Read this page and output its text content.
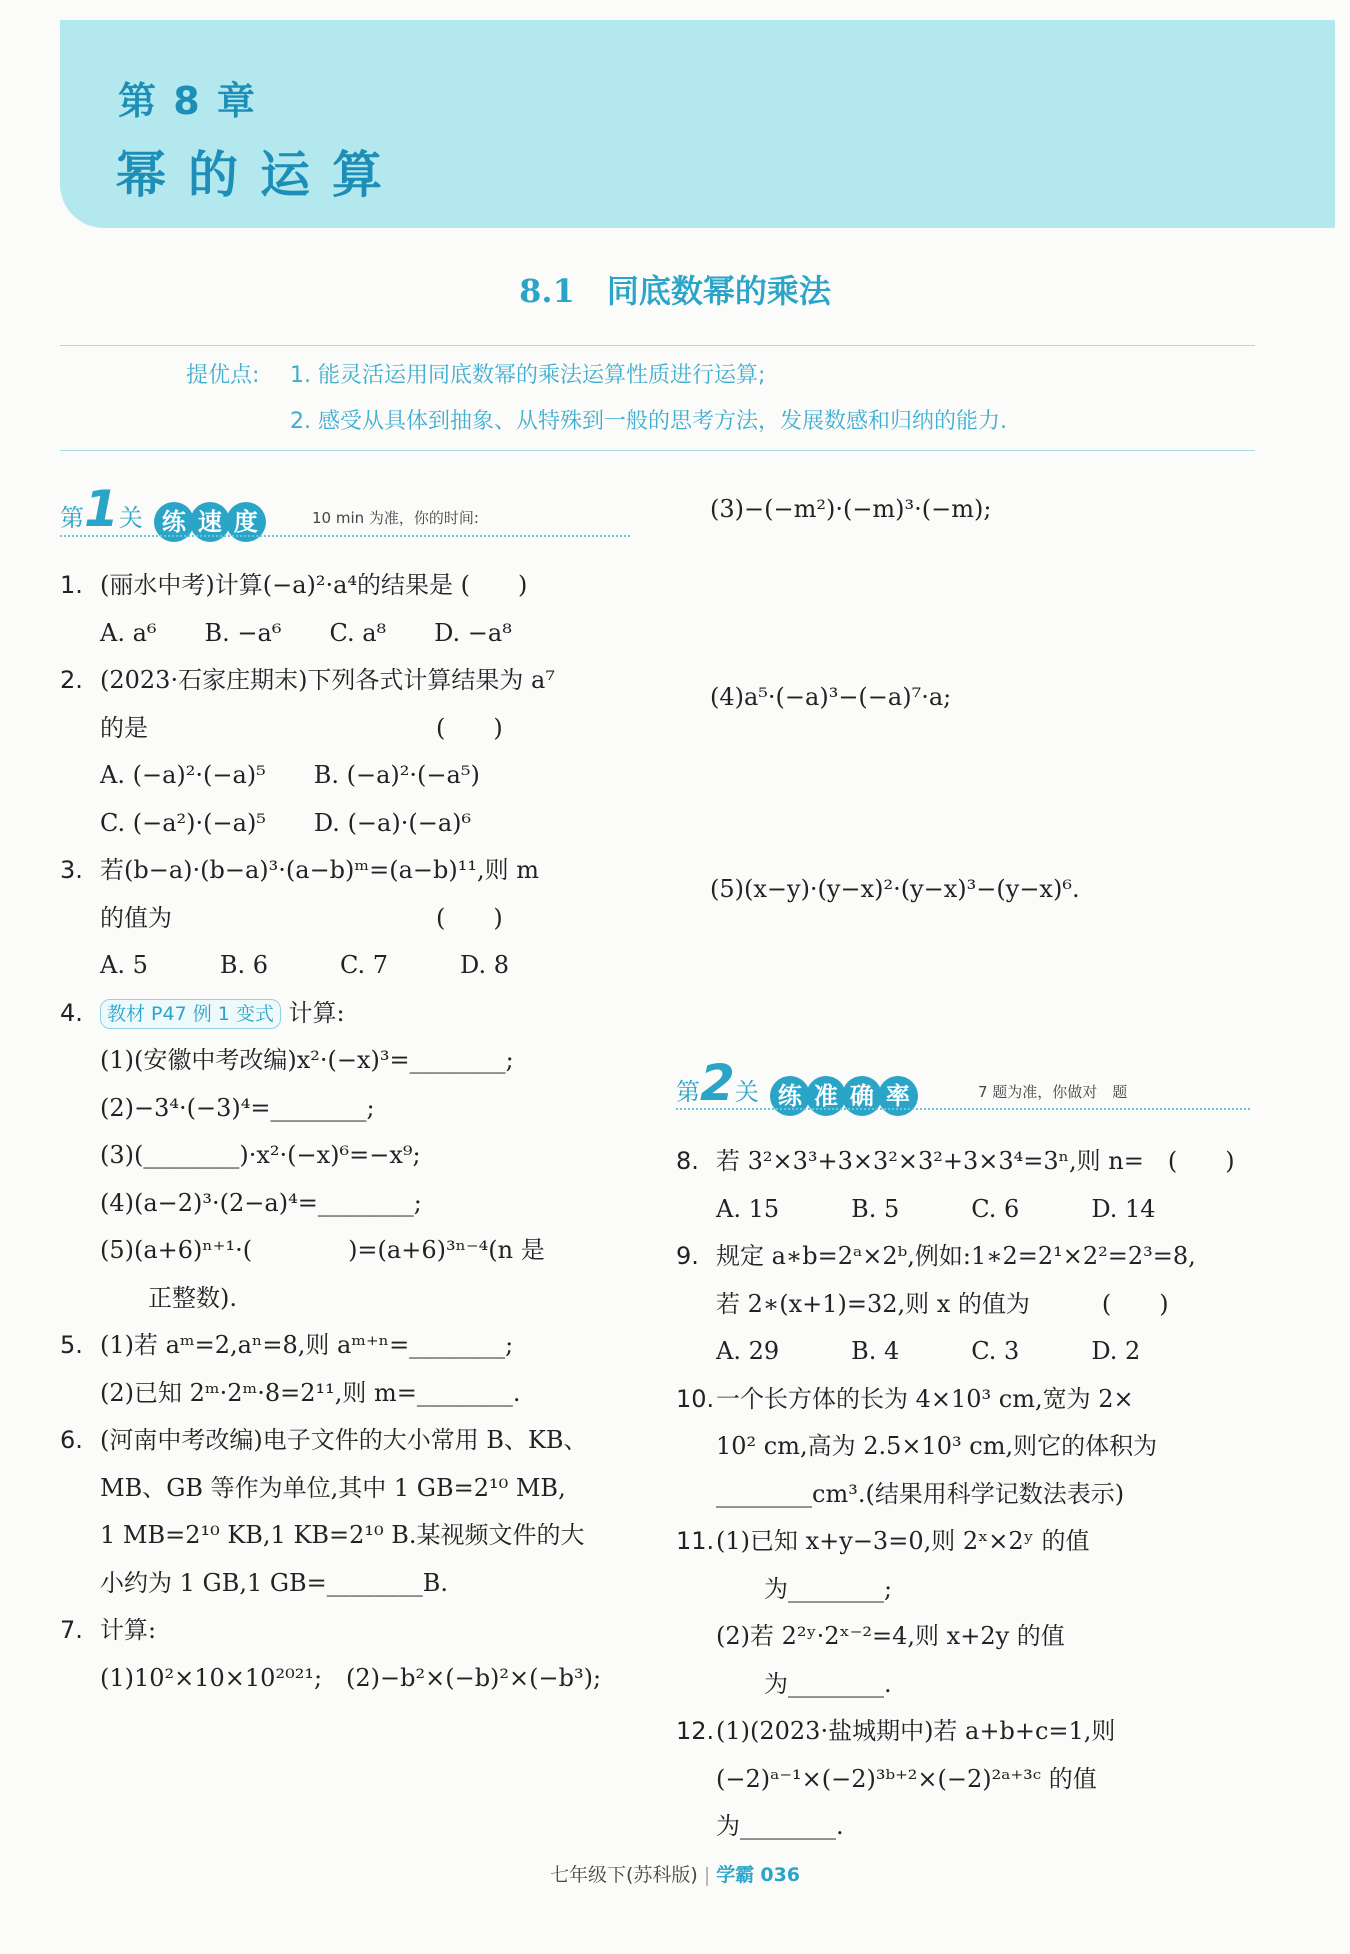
第 8 章
幂的运算
8.1　同底数幂的乘法
提优点: 1. 能灵活运用同底数幂的乘法运算性质进行运算;
2. 感受从具体到抽象、从特殊到一般的思考方法，发展数感和归纳的能力.
第1关 练 速 度	10 min 为准，你的时间:
1. (丽水中考)计算(−a)²·a⁴的结果是 (　　)
A. a⁶　　B. −a⁶　　C. a⁸　　D. −a⁸
2. (2023·石家庄期末)下列各式计算结果为 a⁷
的是　　　　　　　　　　　　(　　)
A. (−a)²·(−a)⁵　　B. (−a)²·(−a⁵)
C. (−a²)·(−a)⁵　　D. (−a)·(−a)⁶
3. 若(b−a)·(b−a)³·(a−b)ᵐ=(a−b)¹¹,则 m
的值为　　　　　　　　　　　(　　)
A. 5　　　B. 6　　　C. 7　　　D. 8
4. 教材 P47 例 1 变式 计算:
(1)(安徽中考改编)x²·(−x)³=________;
(2)−3⁴·(−3)⁴=________;
(3)(________)·x²·(−x)⁶=−x⁹;
(4)(a−2)³·(2−a)⁴=________;
(5)(a+6)ⁿ⁺¹·(　　　　)=(a+6)³ⁿ⁻⁴(n 是
正整数).
5. (1)若 aᵐ=2,aⁿ=8,则 aᵐ⁺ⁿ=________;
(2)已知 2ᵐ·2ᵐ·8=2¹¹,则 m=________.
6. (河南中考改编)电子文件的大小常用 B、KB、
MB、GB 等作为单位,其中 1 GB=2¹⁰ MB,
1 MB=2¹⁰ KB,1 KB=2¹⁰ B.某视频文件的大
小约为 1 GB,1 GB=________B.
7. 计算:
(1)10²×10×10²⁰²¹;　(2)−b²×(−b)²×(−b³);
(3)−(−m²)·(−m)³·(−m);
(4)a⁵·(−a)³−(−a)⁷·a;
(5)(x−y)·(y−x)²·(y−x)³−(y−x)⁶.
第2关 练 准 确 率	7 题为准，你做对　题
8. 若 3²×3³+3×3²×3²+3×3⁴=3ⁿ,则 n=　(　　)
A. 15　　　B. 5　　　C. 6　　　D. 14
9. 规定 a∗b=2ᵃ×2ᵇ,例如:1∗2=2¹×2²=2³=8,
若 2∗(x+1)=32,则 x 的值为　　　(　　)
A. 29　　　B. 4　　　C. 3　　　D. 2
10. 一个长方体的长为 4×10³ cm,宽为 2×
10² cm,高为 2.5×10³ cm,则它的体积为
________cm³.(结果用科学记数法表示)
11. (1)已知 x+y−3=0,则 2ˣ×2ʸ 的值
为________;
(2)若 2²ʸ·2ˣ⁻²=4,则 x+2y 的值
为________.
12. (1)(2023·盐城期中)若 a+b+c=1,则
(−2)ᵃ⁻¹×(−2)³ᵇ⁺²×(−2)²ᵃ⁺³ᶜ 的值
为________.
七年级下(苏科版) | 学霸 036
